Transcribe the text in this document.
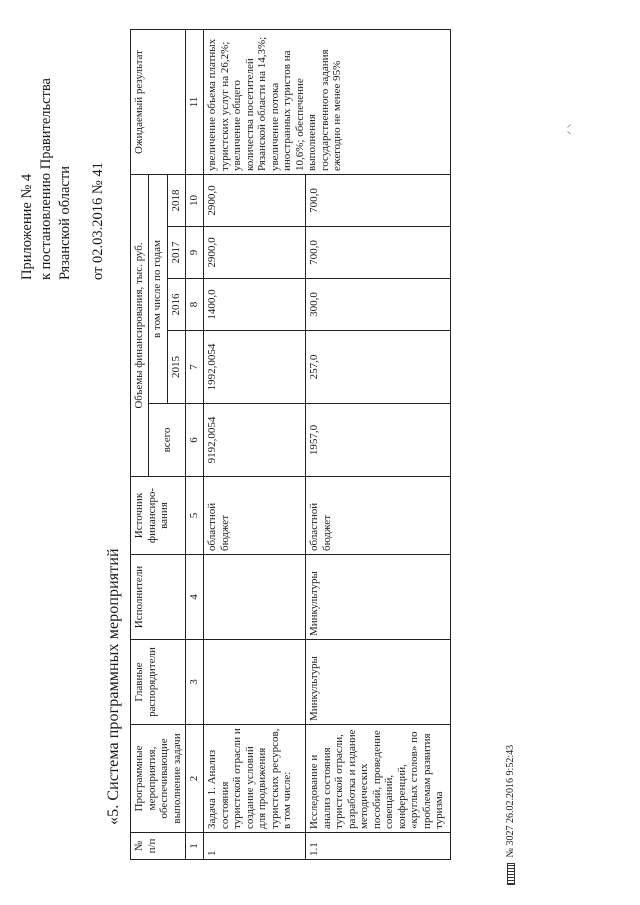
Приложение № 4 к постановлению Правительства Рязанской области от 02.03.2016 № 41
«5. Система программных мероприятий
№ п/п	Программные мероприятия, обеспечивающие выполнение задачи	Главные распорядители	Исполнители	Источник финансиро- вания	Объемы финансирования, тыс. руб.					Ожидаемый результат
					всего	в том числе по годам				
						2015	2016	2017	2018	
1	2	3	4	5	6	7	8	9	10	11
1	Задача 1. Анализ состояния туристской отрасли и создание условий для продвижения туристских ресурсов, в том числе:			областной бюджет	9192,0054	1992,0054	1400,0	2900,0	2900,0	увеличение объема платных туристских услуг на 26,2%; увеличение общего количества посетителей Рязанской области на 14,3%; увеличение потока иностранных туристов на 10,6%; обеспечение выполнения государственного задания ежегодно не менее 95%
1.1	Исследование и анализ состояния туристской отрасли, разработка и издание методических пособий, проведение совещаний, конференций, «круглых столов» по проблемам развития туризма	Минкультуры	Минкультуры	областной бюджет	1957,0	257,0	300,0	700,0	700,0	
№ 3027 26.02.2016 9:52:43
⸝ ⸜
